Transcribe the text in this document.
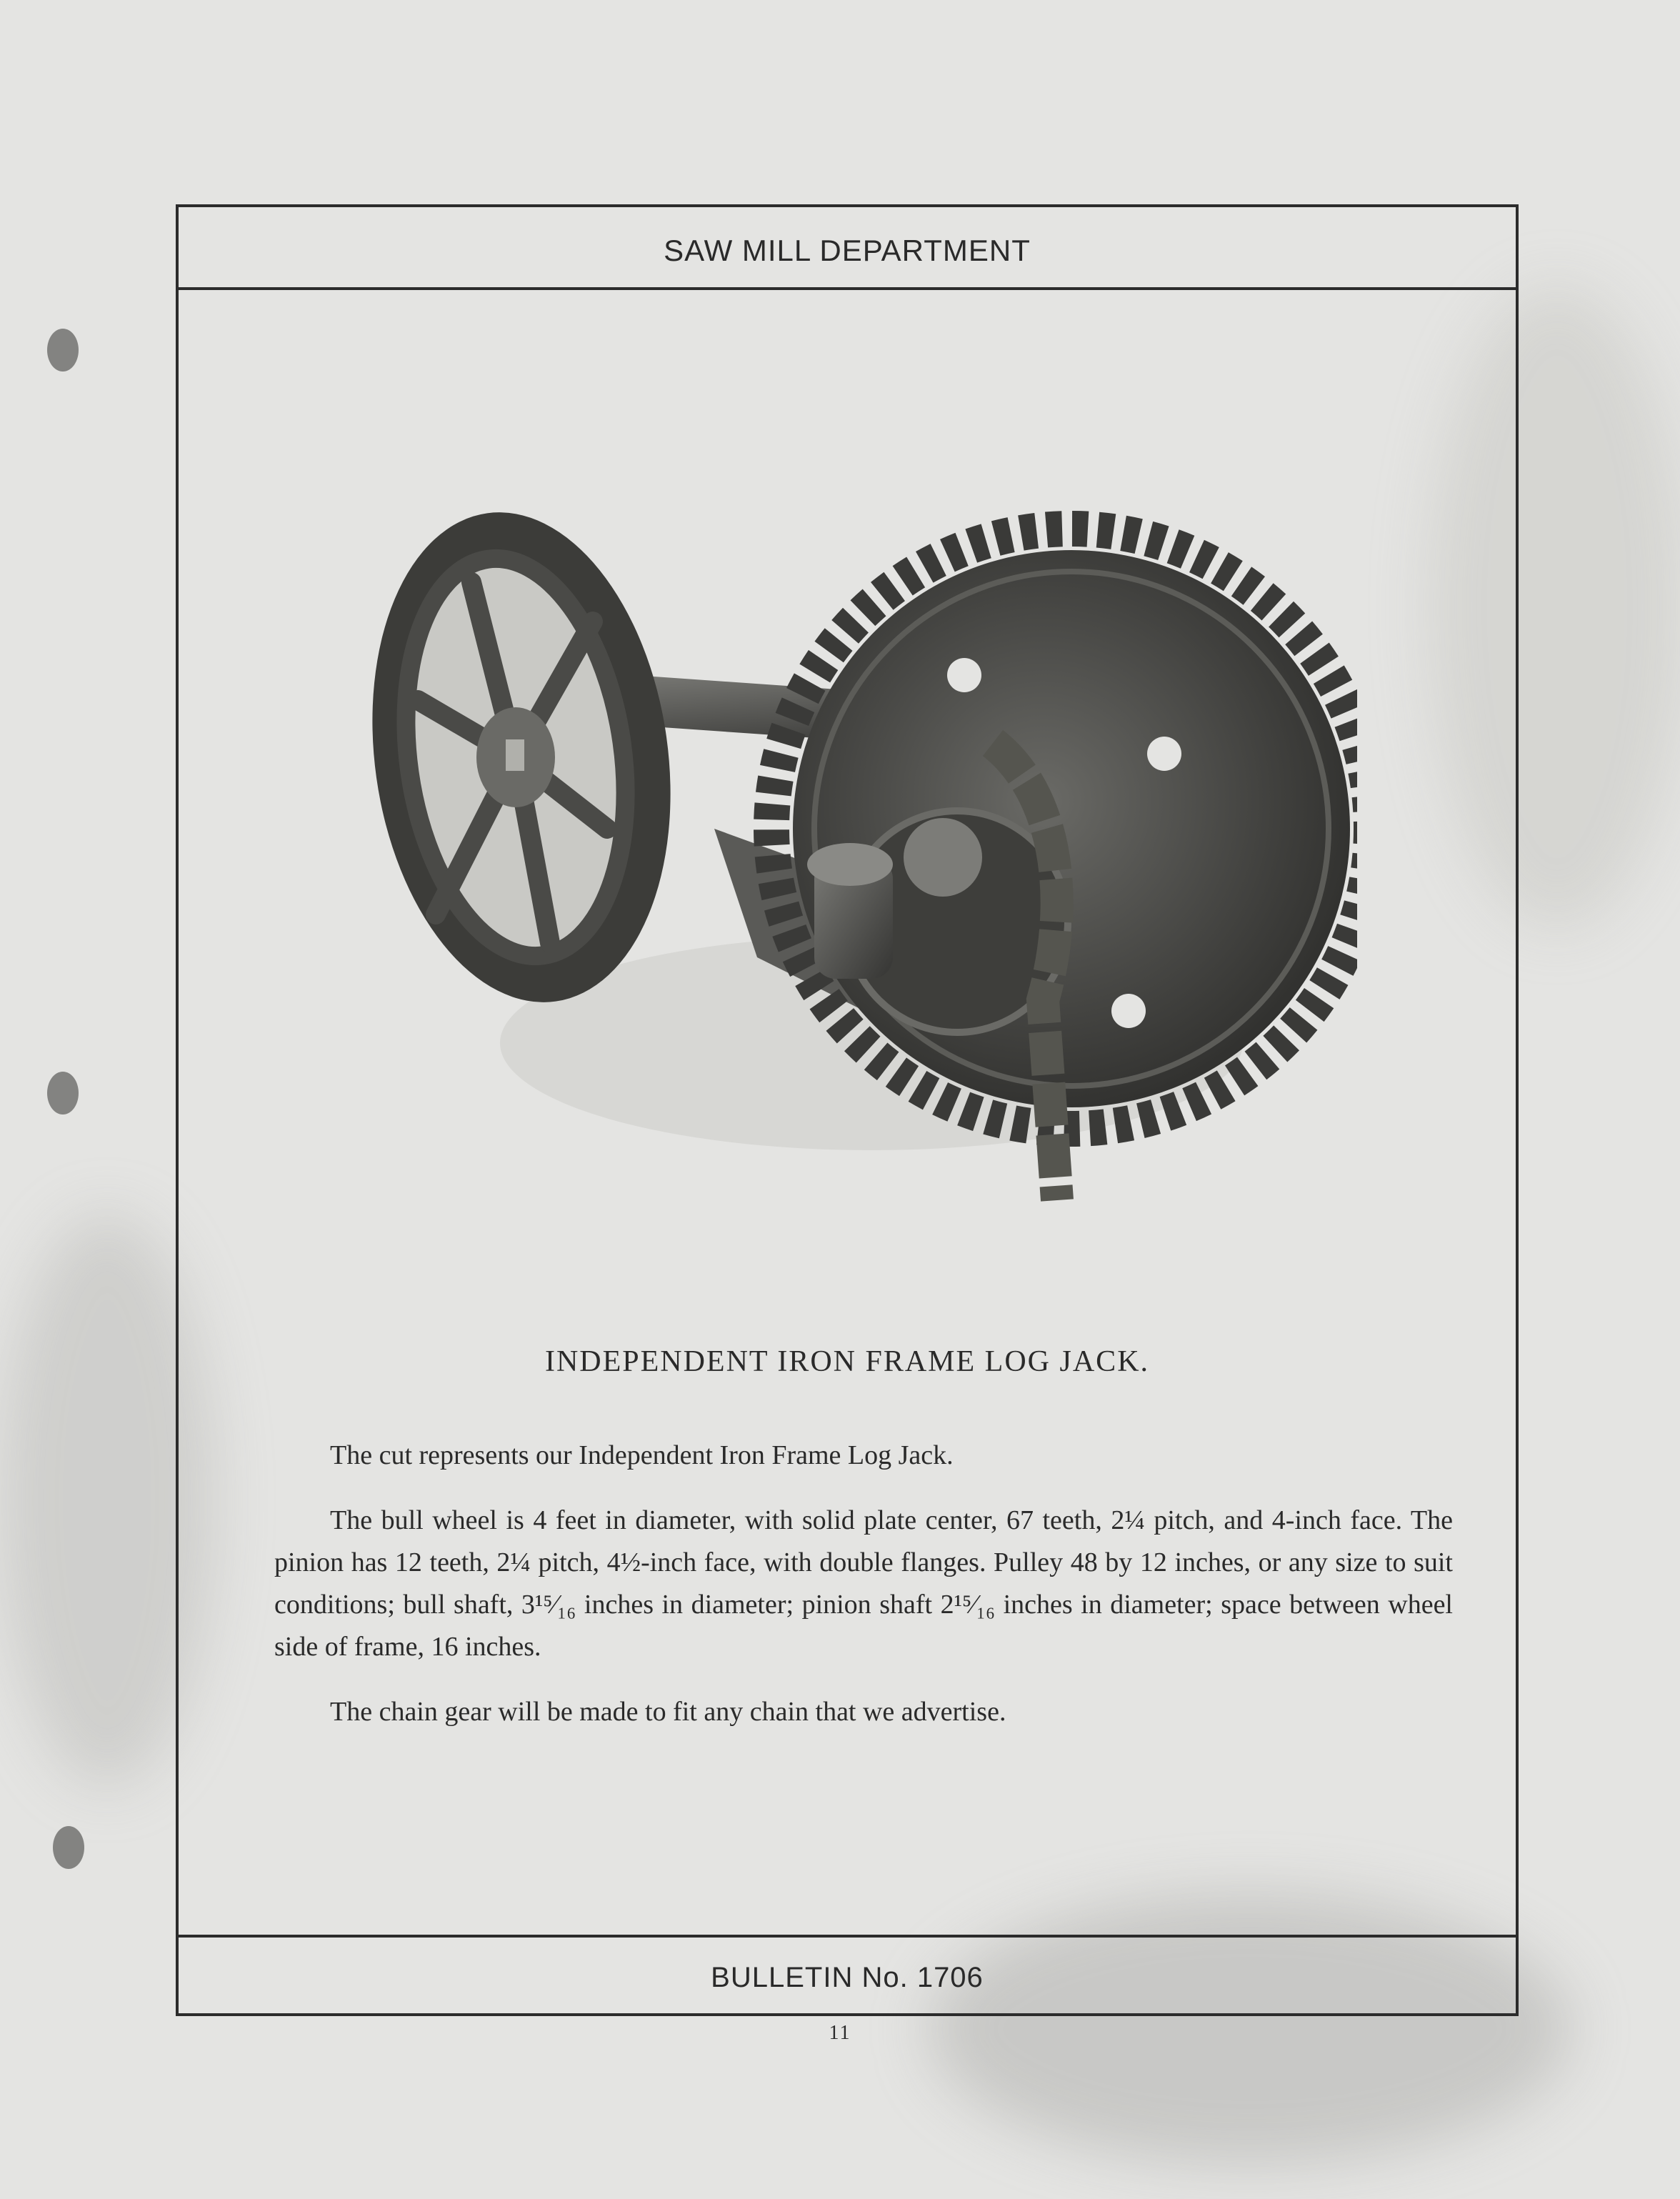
SAW MILL DEPARTMENT
BULLETIN No. 1706
INDEPENDENT IRON FRAME LOG JACK.

The cut represents our Independent Iron Frame Log Jack.

The bull wheel is 4 feet in diameter, with solid plate center, 67 teeth, 2¼ pitch, and 4-inch face. The pinion has 12 teeth, 2¼ pitch, 4½-inch face, with double flanges. Pulley 48 by 12 inches, or any size to suit conditions; bull shaft, 3¹⁵⁄₁₆ inches in diameter; pinion shaft 2¹⁵⁄₁₆ inches in diameter; space between wheel side of frame, 16 inches.

The chain gear will be made to fit any chain that we advertise.

11
